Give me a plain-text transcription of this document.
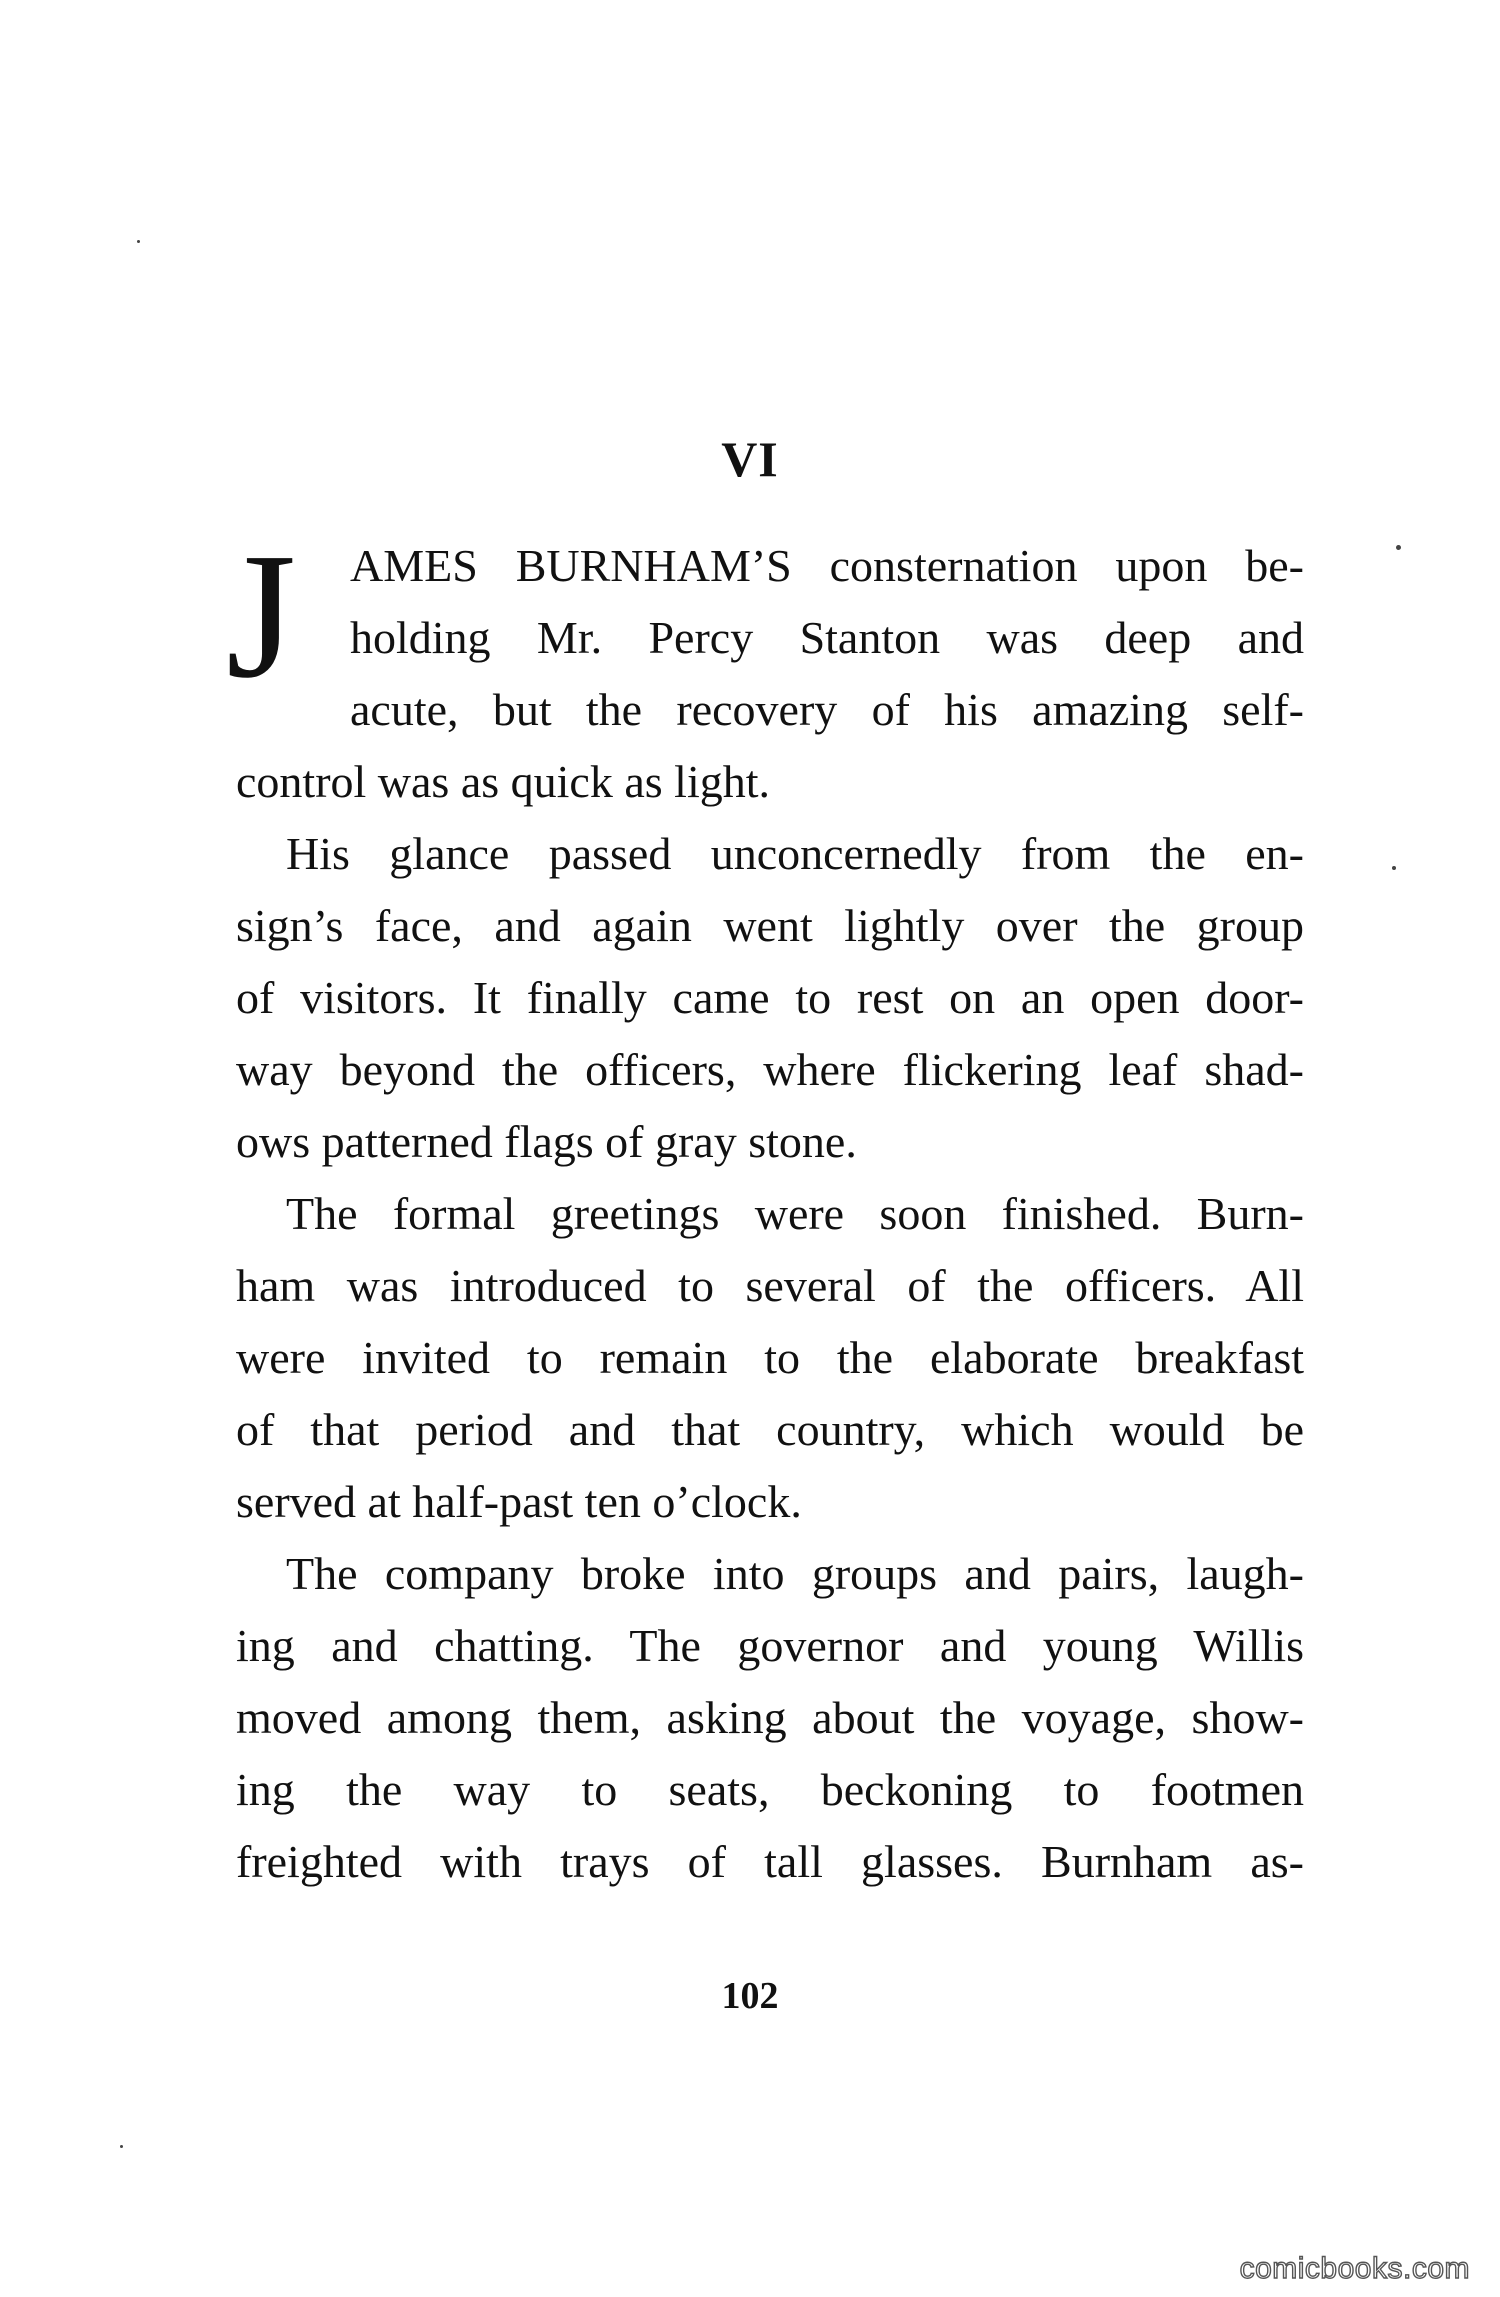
VI
J	AMES BURNHAM’S consternation upon be-
holding Mr. Percy Stanton was deep and
acute, but the recovery of his amazing self-
control was as quick as light.
His glance passed unconcernedly from the en-
sign’s face, and again went lightly over the group
of visitors. It finally came to rest on an open door-
way beyond the officers, where flickering leaf shad-
ows patterned flags of gray stone.
The formal greetings were soon finished. Burn-
ham was introduced to several of the officers. All
were invited to remain to the elaborate breakfast
of that period and that country, which would be
served at half-past ten o’clock.
The company broke into groups and pairs, laugh-
ing and chatting. The governor and young Willis
moved among them, asking about the voyage, show-
ing the way to seats, beckoning to footmen
freighted with trays of tall glasses. Burnham as-
102
comicbooks.com
